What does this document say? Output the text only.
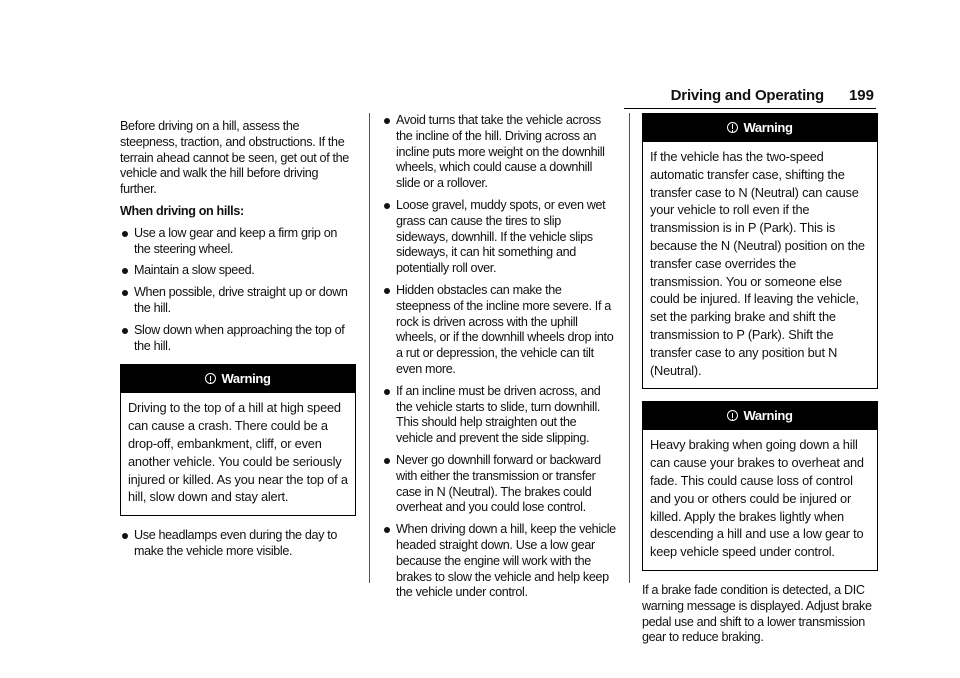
Driving and Operating 199

Before driving on a hill, assess the steepness, traction, and obstructions. If the terrain ahead cannot be seen, get out of the vehicle and walk the hill before driving further.

When driving on hills:

Use a low gear and keep a firm grip on the steering wheel.
Maintain a slow speed.
When possible, drive straight up or down the hill.
Slow down when approaching the top of the hill.
Warning
Driving to the top of a hill at high speed can cause a crash. There could be a drop-off, embankment, cliff, or even another vehicle. You could be seriously injured or killed. As you near the top of a hill, slow down and stay alert.
Use headlamps even during the day to make the vehicle more visible.
Avoid turns that take the vehicle across the incline of the hill. Driving across an incline puts more weight on the downhill wheels, which could cause a downhill slide or a rollover.
Loose gravel, muddy spots, or even wet grass can cause the tires to slip sideways, downhill. If the vehicle slips sideways, it can hit something and potentially roll over.
Hidden obstacles can make the steepness of the incline more severe. If a rock is driven across with the uphill wheels, or if the downhill wheels drop into a rut or depression, the vehicle can tilt even more.
If an incline must be driven across, and the vehicle starts to slide, turn downhill. This should help straighten out the vehicle and prevent the side slipping.
Never go downhill forward or backward with either the transmission or transfer case in N (Neutral). The brakes could overheat and you could lose control.
When driving down a hill, keep the vehicle headed straight down. Use a low gear because the engine will work with the brakes to slow the vehicle and help keep the vehicle under control.
Warning
If the vehicle has the two-speed automatic transfer case, shifting the transfer case to N (Neutral) can cause your vehicle to roll even if the transmission is in P (Park). This is because the N (Neutral) position on the transfer case overrides the transmission. You or someone else could be injured. If leaving the vehicle, set the parking brake and shift the transmission to P (Park). Shift the transfer case to any position but N (Neutral).
Warning
Heavy braking when going down a hill can cause your brakes to overheat and fade. This could cause loss of control and you or others could be injured or killed. Apply the brakes lightly when descending a hill and use a low gear to keep vehicle speed under control.

If a brake fade condition is detected, a DIC warning message is displayed. Adjust brake pedal use and shift to a lower transmission gear to reduce braking.
